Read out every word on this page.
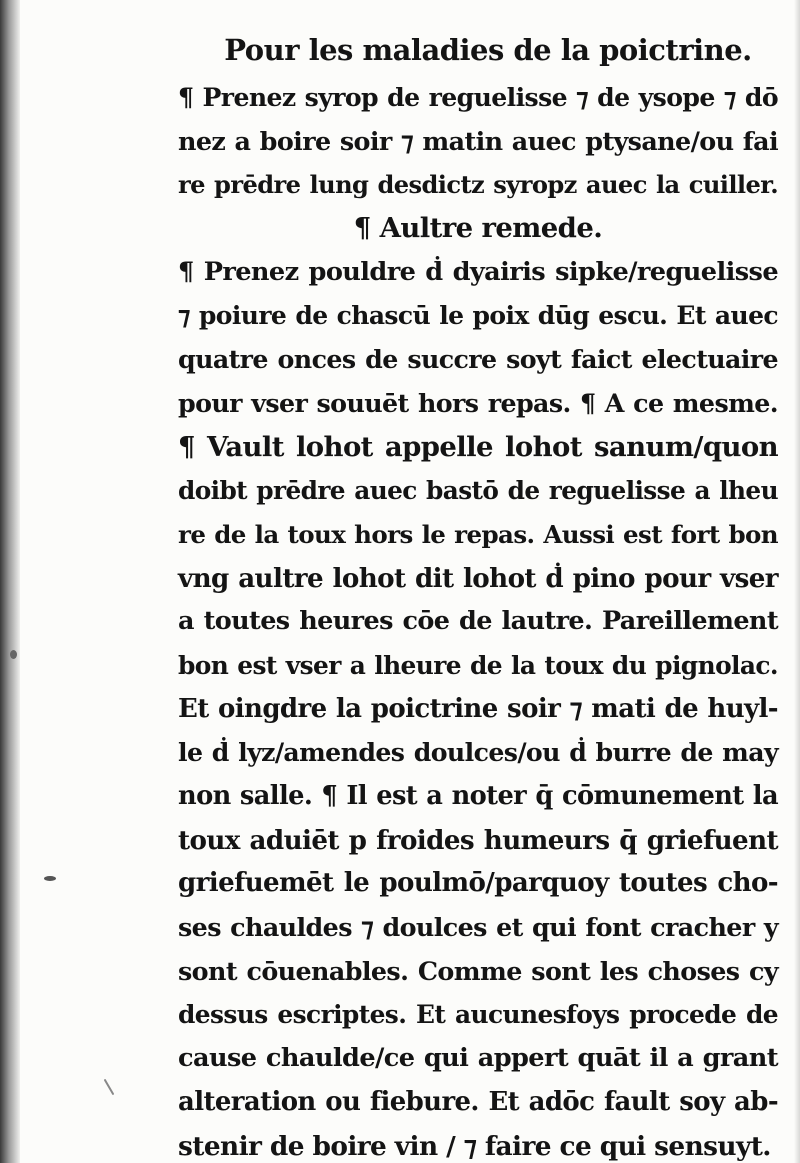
Pour les maladies de la poictrine.
¶ Prenez syrop de reguelisse ⁊ de ysope ⁊ dō
nez a boire soir ⁊ matin auec ptysane/ou fai
re prēdre lung desdictz syropz auec la cuiller.
¶ Aultre remede.
¶ Prenez pouldre ḋ dyairis sipke/reguelisse
⁊ poiure de chascū le poix dūg escu. Et auec
quatre onces de succre soyt faict electuaire
pour vser souuēt hors repas. ¶ A ce mesme.
¶ Vault lohot appelle lohot sanum/quon
doibt prēdre auec bastō de reguelisse a lheu
re de la toux hors le repas. Aussi est fort bon
vng aultre lohot dit lohot ḋ pino pour vser
a toutes heures cōe de lautre. Pareillement
bon est vser a lheure de la toux du pignolac.
Et oingdre la poictrine soir ⁊ mati de huyl-
le ḋ lyz/amendes doulces/ou ḋ burre de may
non salle. ¶ Il est a noter q̄ cōmunement la
toux aduiēt p froides humeurs q̄ griefuent
griefuemēt le poulmō/parquoy toutes cho-
ses chauldes ⁊ doulces et qui font cracher y
sont cōuenables. Comme sont les choses cy
dessus escriptes. Et aucunesfoys procede de
cause chaulde/ce qui appert quāt il a grant
alteration ou fiebure. Et adōc fault soy ab-
stenir de boire vin / ⁊ faire ce qui sensuyt.
